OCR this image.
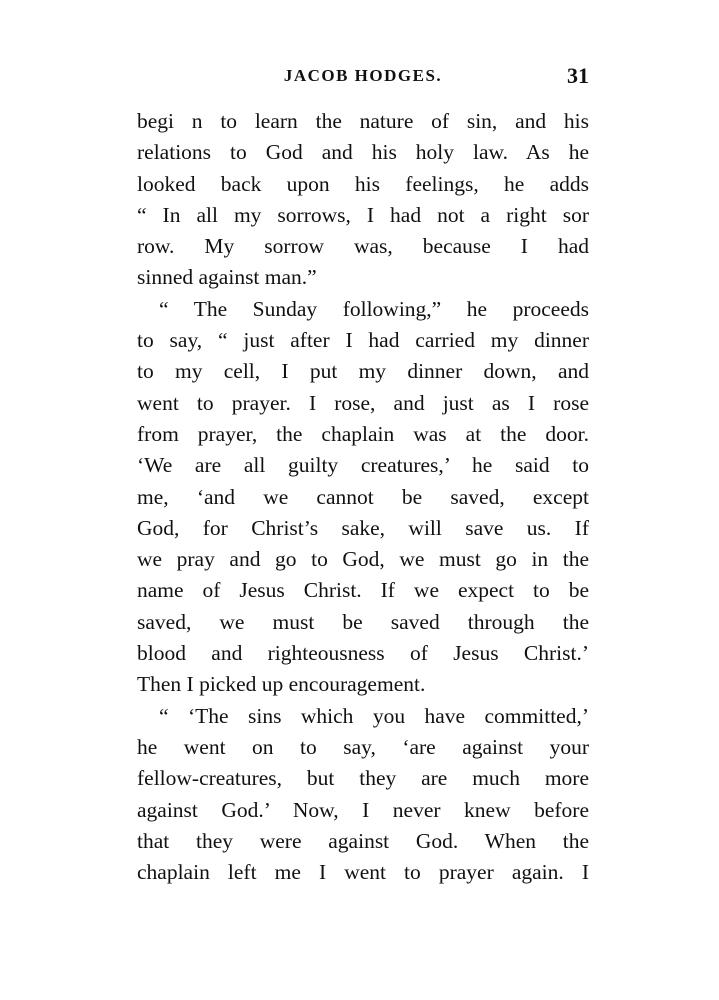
JACOB HODGES.	31
begi n to learn the nature of sin, and his
relations to God and his holy law. As he
looked back upon his feelings, he adds
“ In all my sorrows, I had not a right sor
row. My sorrow was, because I had
sinned against man.”
“ The Sunday following,” he proceeds
to say, “ just after I had carried my dinner
to my cell, I put my dinner down, and
went to prayer. I rose, and just as I rose
from prayer, the chaplain was at the door.
‘We are all guilty creatures,’ he said to
me, ‘and we cannot be saved, except
God, for Christ’s sake, will save us. If
we pray and go to God, we must go in the
name of Jesus Christ. If we expect to be
saved, we must be saved through the
blood and righteousness of Jesus Christ.’
Then I picked up encouragement.
“ ‘The sins which you have committed,’
he went on to say, ‘are against your
fellow-creatures, but they are much more
against God.’ Now, I never knew before
that they were against God. When the
chaplain left me I went to prayer again. I
